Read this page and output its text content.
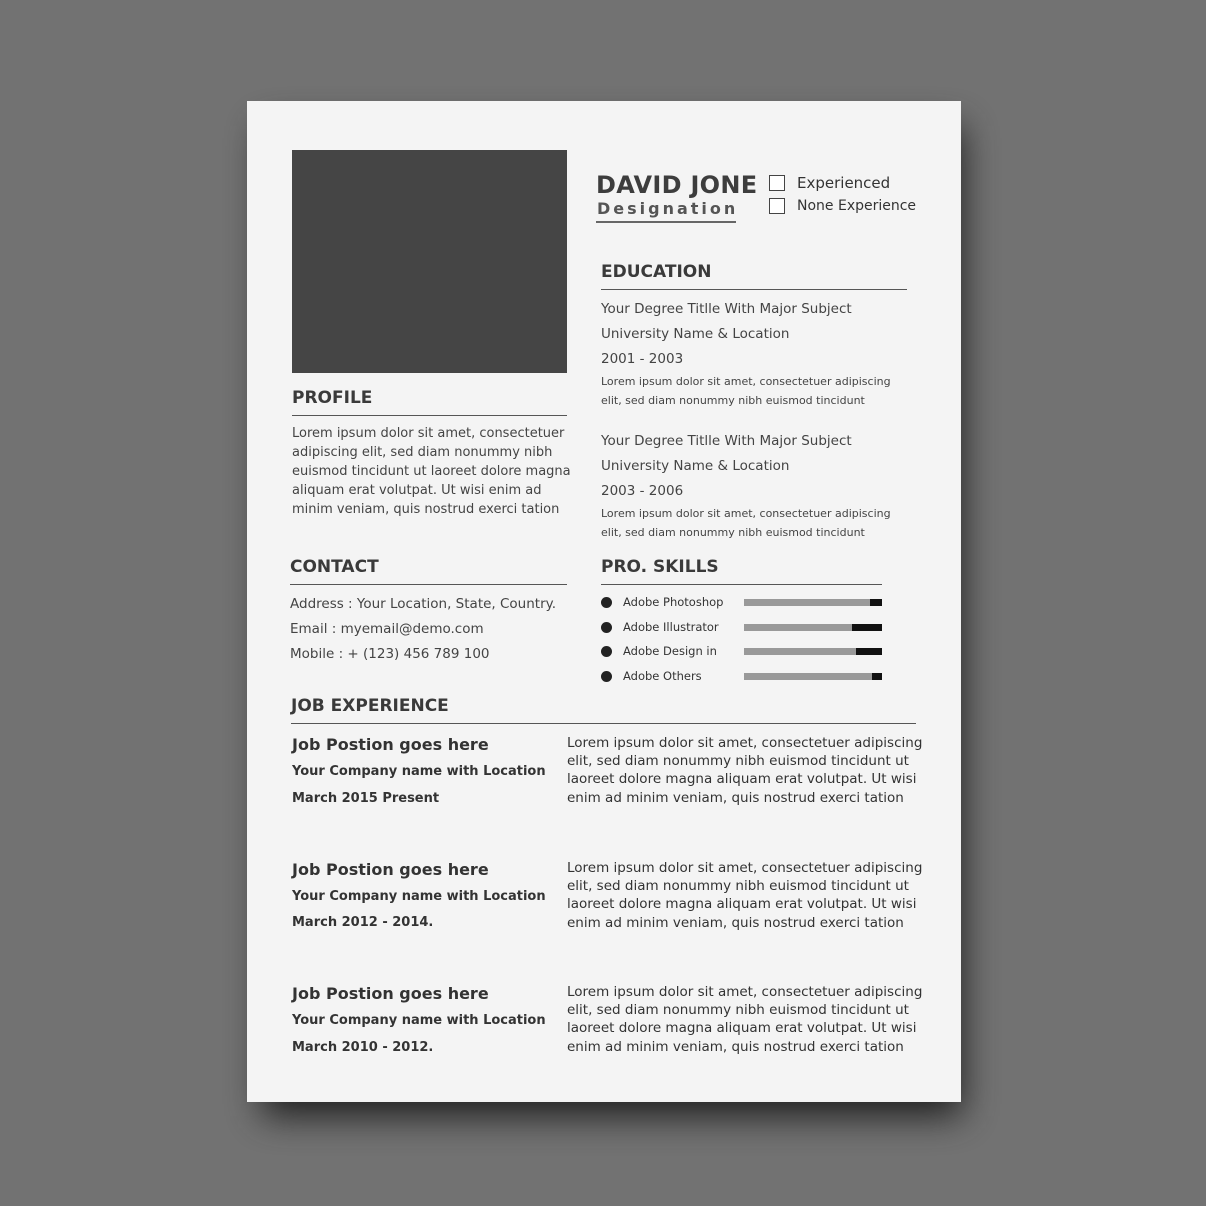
DAVID JONE
Designation
Experienced
None Experience
EDUCATION
Your Degree Titlle With Major Subject
University Name & Location
2001 - 2003
Lorem ipsum dolor sit amet, consectetuer adipiscing
elit, sed diam nonummy nibh euismod tincidunt
Your Degree Titlle With Major Subject
University Name & Location
2003 - 2006
Lorem ipsum dolor sit amet, consectetuer adipiscing
elit, sed diam nonummy nibh euismod tincidunt
PROFILE
Lorem ipsum dolor sit amet, consectetuer
adipiscing elit, sed diam nonummy nibh
euismod tincidunt ut laoreet dolore magna
aliquam erat volutpat. Ut wisi enim ad
minim veniam, quis nostrud exerci tation
CONTACT
Address : Your Location, State, Country.
Email : myemail@demo.com
Mobile : + (123) 456 789 100
PRO. SKILLS
Adobe Photoshop
Adobe Illustrator
Adobe Design in
Adobe Others
JOB EXPERIENCE
Job Postion goes here
Your Company name with Location
March 2015 Present
Lorem ipsum dolor sit amet, consectetuer adipiscing
elit, sed diam nonummy nibh euismod tincidunt ut
laoreet dolore magna aliquam erat volutpat. Ut wisi
enim ad minim veniam, quis nostrud exerci tation
Job Postion goes here
Your Company name with Location
March 2012 - 2014.
Lorem ipsum dolor sit amet, consectetuer adipiscing
elit, sed diam nonummy nibh euismod tincidunt ut
laoreet dolore magna aliquam erat volutpat. Ut wisi
enim ad minim veniam, quis nostrud exerci tation
Job Postion goes here
Your Company name with Location
March 2010 - 2012.
Lorem ipsum dolor sit amet, consectetuer adipiscing
elit, sed diam nonummy nibh euismod tincidunt ut
laoreet dolore magna aliquam erat volutpat. Ut wisi
enim ad minim veniam, quis nostrud exerci tation
